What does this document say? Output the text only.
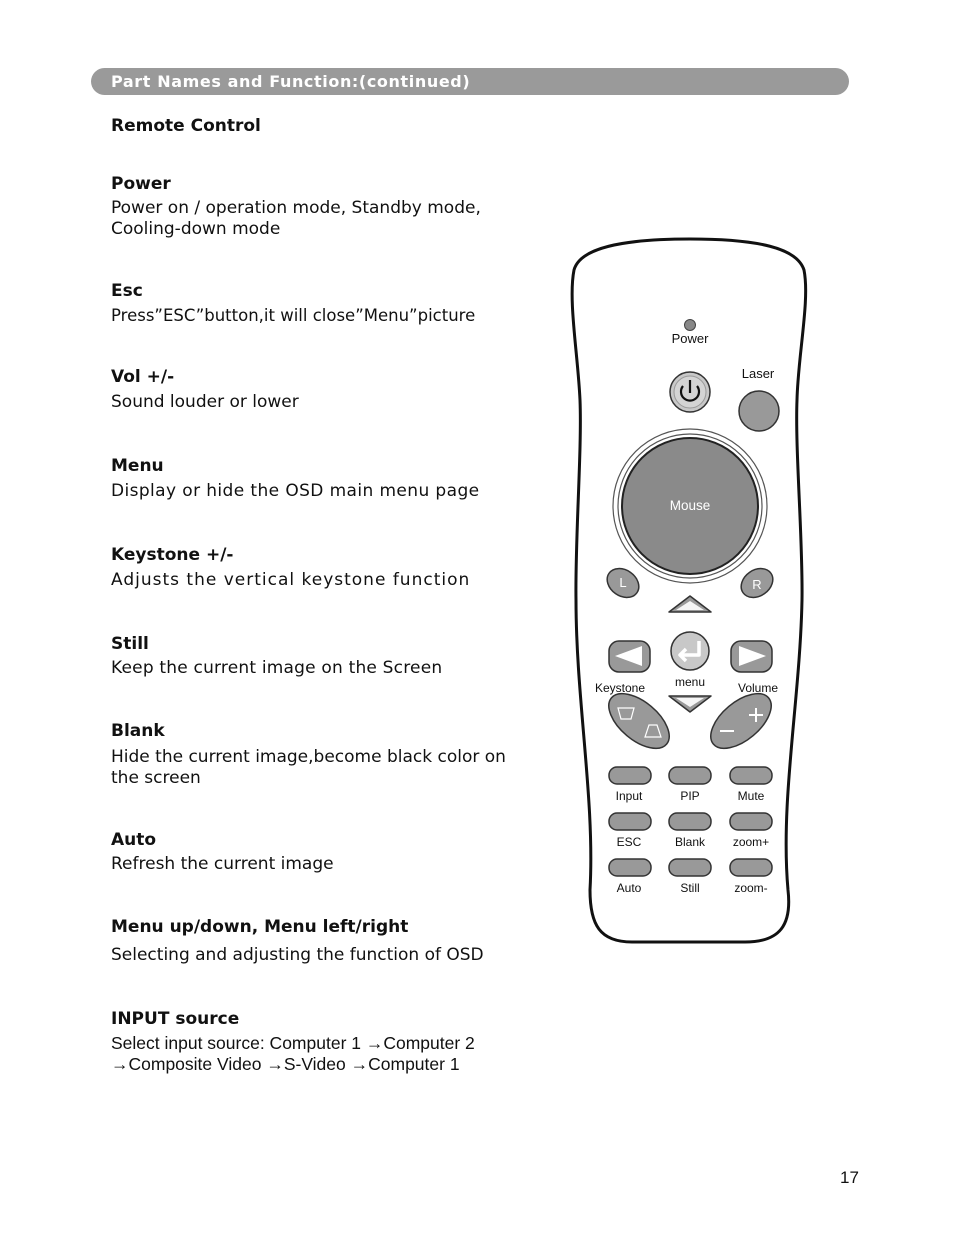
Part Names and Function:(continued)
Remote Control
Power
Power on / operation mode, Standby mode, Cooling-down mode
Esc
Press”ESC”button,it will close”Menu”picture
Vol +/-
Sound louder or lower
Menu
Display or hide the OSD main menu page
Keystone +/-
Adjusts the vertical keystone function
Still
Keep the current image on the Screen
Blank
Hide the current image,become black color on the screen
Auto
Refresh the current image
Menu up/down, Menu left/right
Selecting and adjusting the function of OSD
INPUT source
Select input source: Computer 1 →Computer 2
→Composite Video →S-Video →Computer 1
Power
Laser
Mouse
L	R
menu
Keystone	Volume
Input	PIP	Mute
ESC	Blank zoom+
Auto	Still	zoom-
17
